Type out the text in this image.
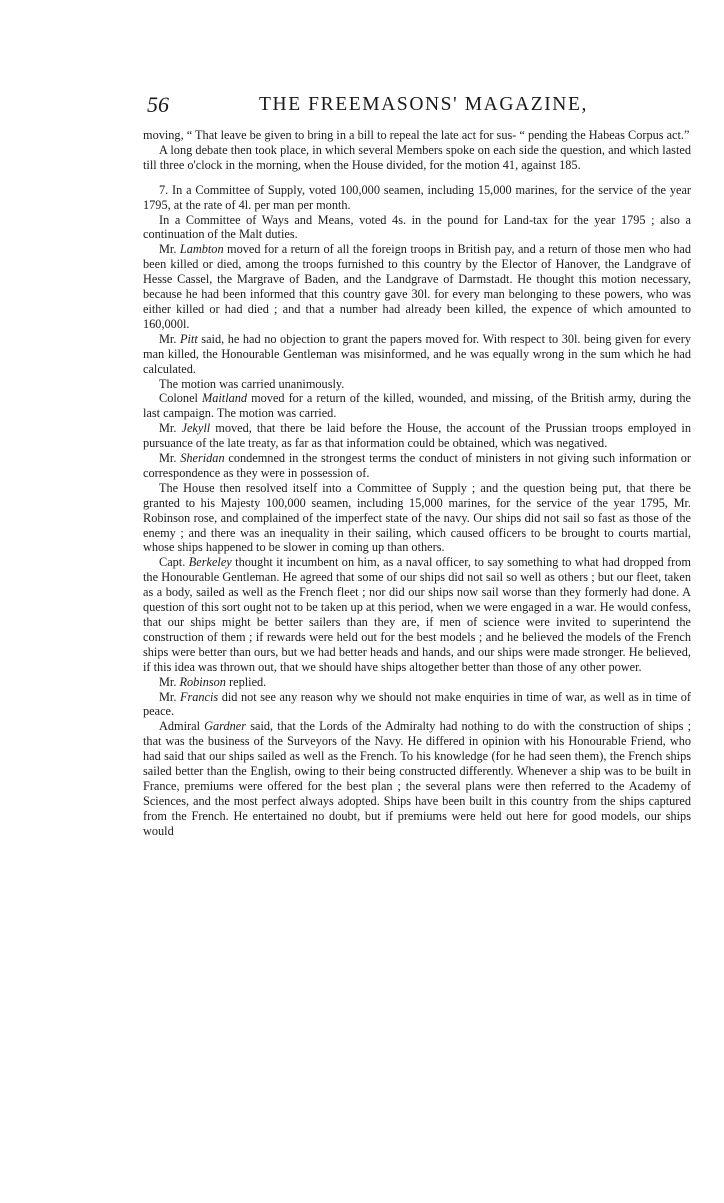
56	THE FREEMASONS' MAGAZINE,

moving, “ That leave be given to bring in a bill to repeal the late act for sus- “ pending the Habeas Corpus act.”

A long debate then took place, in which several Members spoke on each side the question, and which lasted till three o'clock in the morning, when the House divided, for the motion 41, against 185.

7. In a Committee of Supply, voted 100,000 seamen, including 15,000 marines, for the service of the year 1795, at the rate of 4l. per man per month.

In a Committee of Ways and Means, voted 4s. in the pound for Land-tax for the year 1795 ; also a continuation of the Malt duties.

Mr. Lambton moved for a return of all the foreign troops in British pay, and a return of those men who had been killed or died, among the troops furnished to this country by the Elector of Hanover, the Landgrave of Hesse Cassel, the Margrave of Baden, and the Landgrave of Darmstadt. He thought this motion necessary, because he had been informed that this country gave 30l. for every man belonging to these powers, who was either killed or had died ; and that a number had already been killed, the expence of which amounted to 160,000l.

Mr. Pitt said, he had no objection to grant the papers moved for. With respect to 30l. being given for every man killed, the Honourable Gentleman was misinformed, and he was equally wrong in the sum which he had calculated.

The motion was carried unanimously.

Colonel Maitland moved for a return of the killed, wounded, and missing, of the British army, during the last campaign. The motion was carried.

Mr. Jekyll moved, that there be laid before the House, the account of the Prussian troops employed in pursuance of the late treaty, as far as that information could be obtained, which was negatived.

Mr. Sheridan condemned in the strongest terms the conduct of ministers in not giving such information or correspondence as they were in possession of.

The House then resolved itself into a Committee of Supply ; and the question being put, that there be granted to his Majesty 100,000 seamen, including 15,000 marines, for the service of the year 1795, Mr. Robinson rose, and complained of the imperfect state of the navy. Our ships did not sail so fast as those of the enemy ; and there was an inequality in their sailing, which caused officers to be brought to courts martial, whose ships happened to be slower in coming up than others.

Capt. Berkeley thought it incumbent on him, as a naval officer, to say something to what had dropped from the Honourable Gentleman. He agreed that some of our ships did not sail so well as others ; but our fleet, taken as a body, sailed as well as the French fleet ; nor did our ships now sail worse than they formerly had done. A question of this sort ought not to be taken up at this period, when we were engaged in a war. He would confess, that our ships might be better sailers than they are, if men of science were invited to superintend the construction of them ; if rewards were held out for the best models ; and he believed the models of the French ships were better than ours, but we had better heads and hands, and our ships were made stronger. He believed, if this idea was thrown out, that we should have ships altogether better than those of any other power.

Mr. Robinson replied.

Mr. Francis did not see any reason why we should not make enquiries in time of war, as well as in time of peace.

Admiral Gardner said, that the Lords of the Admiralty had nothing to do with the construction of ships ; that was the business of the Surveyors of the Navy. He differed in opinion with his Honourable Friend, who had said that our ships sailed as well as the French. To his knowledge (for he had seen them), the French ships sailed better than the English, owing to their being constructed differently. Whenever a ship was to be built in France, premiums were offered for the best plan ; the several plans were then referred to the Academy of Sciences, and the most perfect always adopted. Ships have been built in this country from the ships captured from the French. He entertained no doubt, but if premiums were held out here for good models, our ships would
